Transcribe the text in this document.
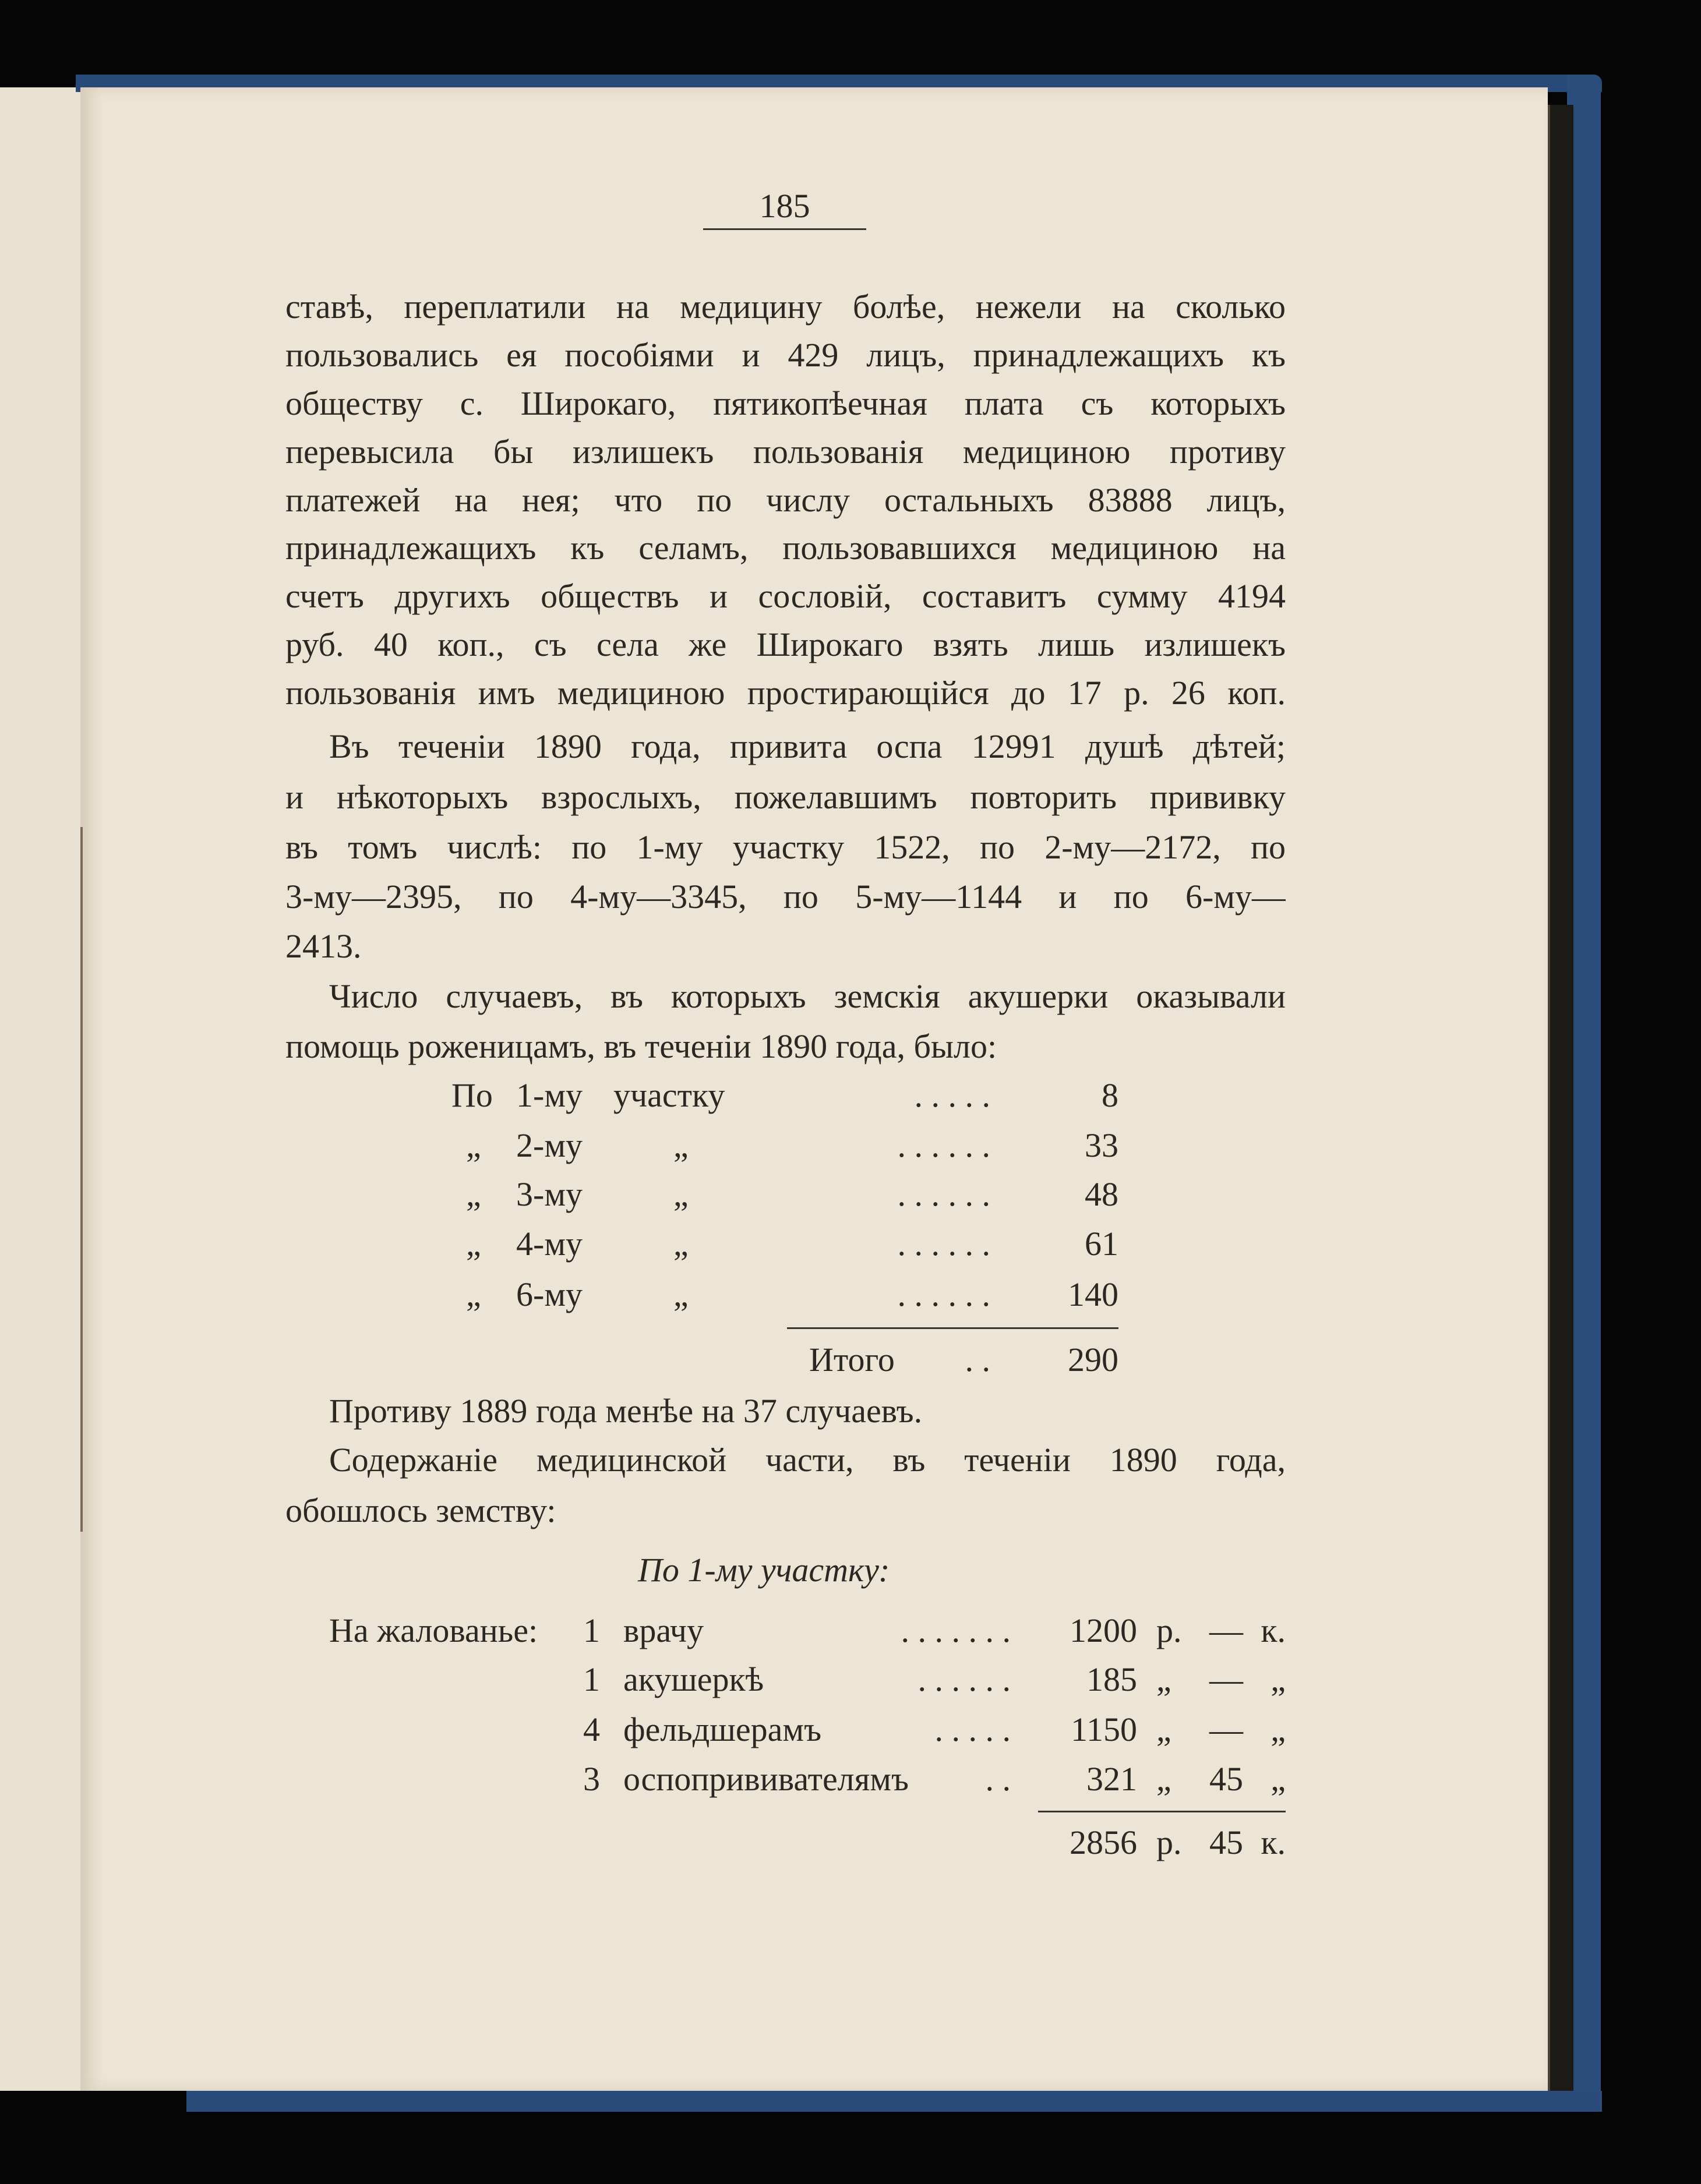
185
ставѣ, переплатили на медицину болѣе, нежели на сколько
пользовались ея пособіями и 429 лицъ, принадлежащихъ къ
обществу с. Широкаго, пятикопѣечная плата съ которыхъ
перевысила бы излишекъ пользованія медициною противу
платежей на нея; что по числу остальныхъ 83888 лицъ,
принадлежащихъ къ селамъ, пользовавшихся медициною на
счетъ другихъ обществъ и сословій, составитъ сумму 4194
руб. 40 коп., съ села же Широкаго взять лишь излишекъ
пользованія имъ медициною простирающійся до 17 р. 26 коп.
Въ теченіи 1890 года, привита оспа 12991 душѣ дѣтей;
и нѣкоторыхъ взрослыхъ, пожелавшимъ повторить прививку
въ томъ числѣ: по 1-му участку 1522, по 2-му—2172, по
3-му—2395, по 4-му—3345, по 5-му—1144 и по 6-му—
2413.
Число случаевъ, въ которыхъ земскія акушерки оказывали
помощь роженицамъ, въ теченіи 1890 года, было:
По 1-му участку	. . . . .	8
„ 2-му	„	. . . . . .	33
„ 3-му	„	. . . . . .	48
„ 4-му	„	. . . . . .	61
„ 6-му	„	. . . . . . 140
Итого . . 290
Противу 1889 года менѣе на 37 случаевъ.
Содержаніе медицинской части, въ теченіи 1890 года,
обошлось земству:
По 1-му участку:
На жалованье: 1 врачу	. . . . . . . 1200 р. — к.
1 акушеркѣ	. . . . . . 185 „ — „
4 фельдшерамъ	. . . . . 1150 „ — „
3 оспопрививателямъ . . 321 „ 45 „
2856 р. 45 к.
